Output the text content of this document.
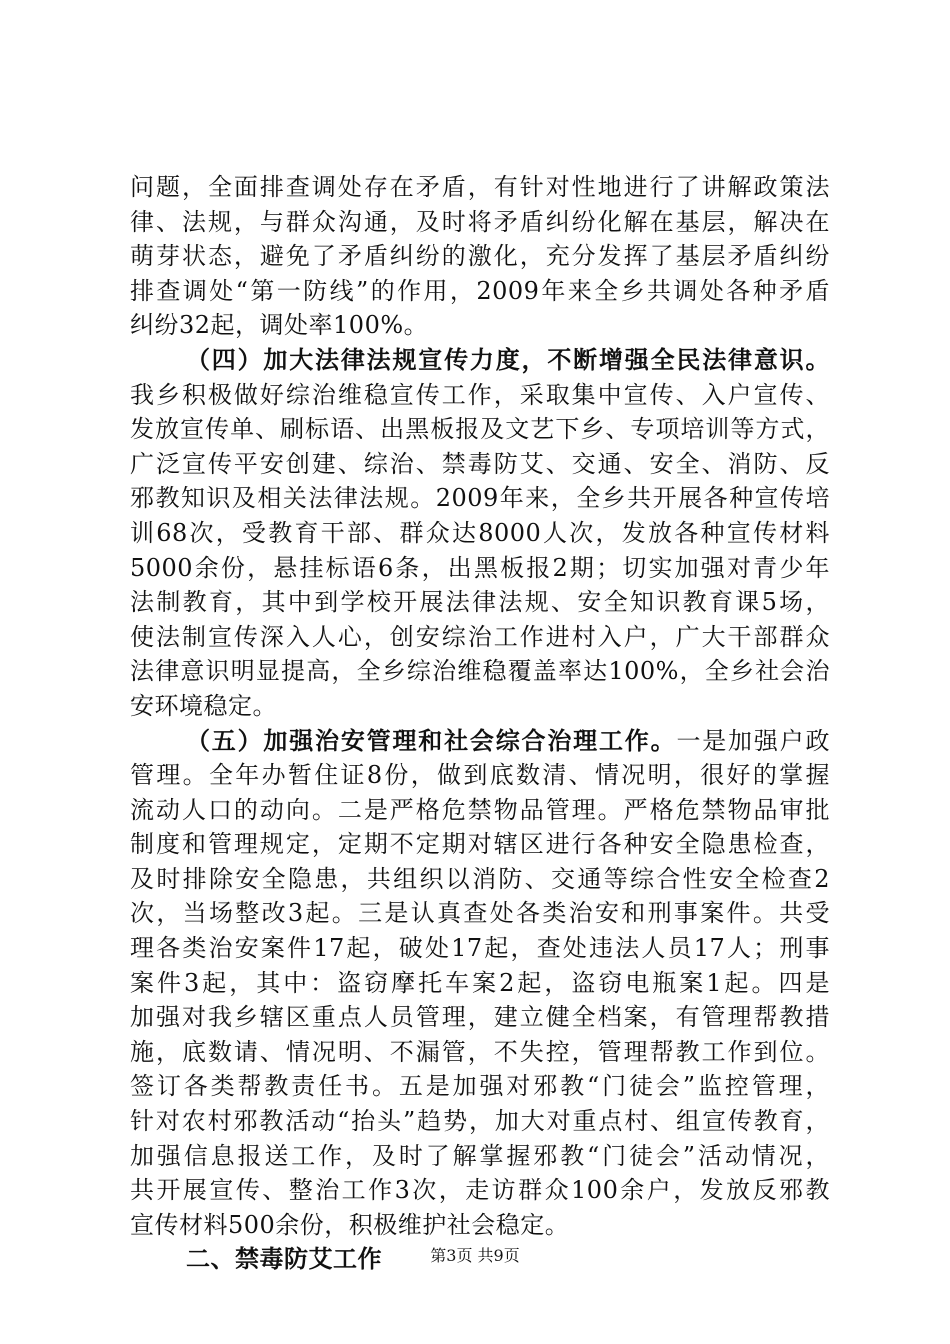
问题，全面排查调处存在矛盾，有针对性地进行了讲解政策法
律、法规，与群众沟通，及时将矛盾纠纷化解在基层，解决在
萌芽状态，避免了矛盾纠纷的激化，充分发挥了基层矛盾纠纷
排查调处“第一防线”的作用，2009年来全乡共调处各种矛盾
纠纷32起，调处率100%。
（四）加大法律法规宣传力度，不断增强全民法律意识。
我乡积极做好综治维稳宣传工作，采取集中宣传、入户宣传、
发放宣传单、刷标语、出黑板报及文艺下乡、专项培训等方式，
广泛宣传平安创建、综治、禁毒防艾、交通、安全、消防、反
邪教知识及相关法律法规。2009年来，全乡共开展各种宣传培
训68次，受教育干部、群众达8000人次，发放各种宣传材料
5000余份，悬挂标语6条，出黑板报2期；切实加强对青少年
法制教育，其中到学校开展法律法规、安全知识教育课5场，
使法制宣传深入人心，创安综治工作进村入户，广大干部群众
法律意识明显提高，全乡综治维稳覆盖率达100%，全乡社会治
安环境稳定。
（五）加强治安管理和社会综合治理工作。一是加强户政
管理。全年办暂住证8份，做到底数清、情况明，很好的掌握
流动人口的动向。二是严格危禁物品管理。严格危禁物品审批
制度和管理规定，定期不定期对辖区进行各种安全隐患检查，
及时排除安全隐患，共组织以消防、交通等综合性安全检查2
次，当场整改3起。三是认真查处各类治安和刑事案件。共受
理各类治安案件17起，破处17起，查处违法人员17人；刑事
案件3起，其中：盗窃摩托车案2起，盗窃电瓶案1起。四是
加强对我乡辖区重点人员管理，建立健全档案，有管理帮教措
施，底数请、情况明、不漏管，不失控，管理帮教工作到位。
签订各类帮教责任书。五是加强对邪教“门徒会”监控管理，
针对农村邪教活动“抬头”趋势，加大对重点村、组宣传教育，
加强信息报送工作，及时了解掌握邪教“门徒会”活动情况，
共开展宣传、整治工作3次，走访群众100余户，发放反邪教
宣传材料500余份，积极维护社会稳定。
二、禁毒防艾工作	第3页 共9页
